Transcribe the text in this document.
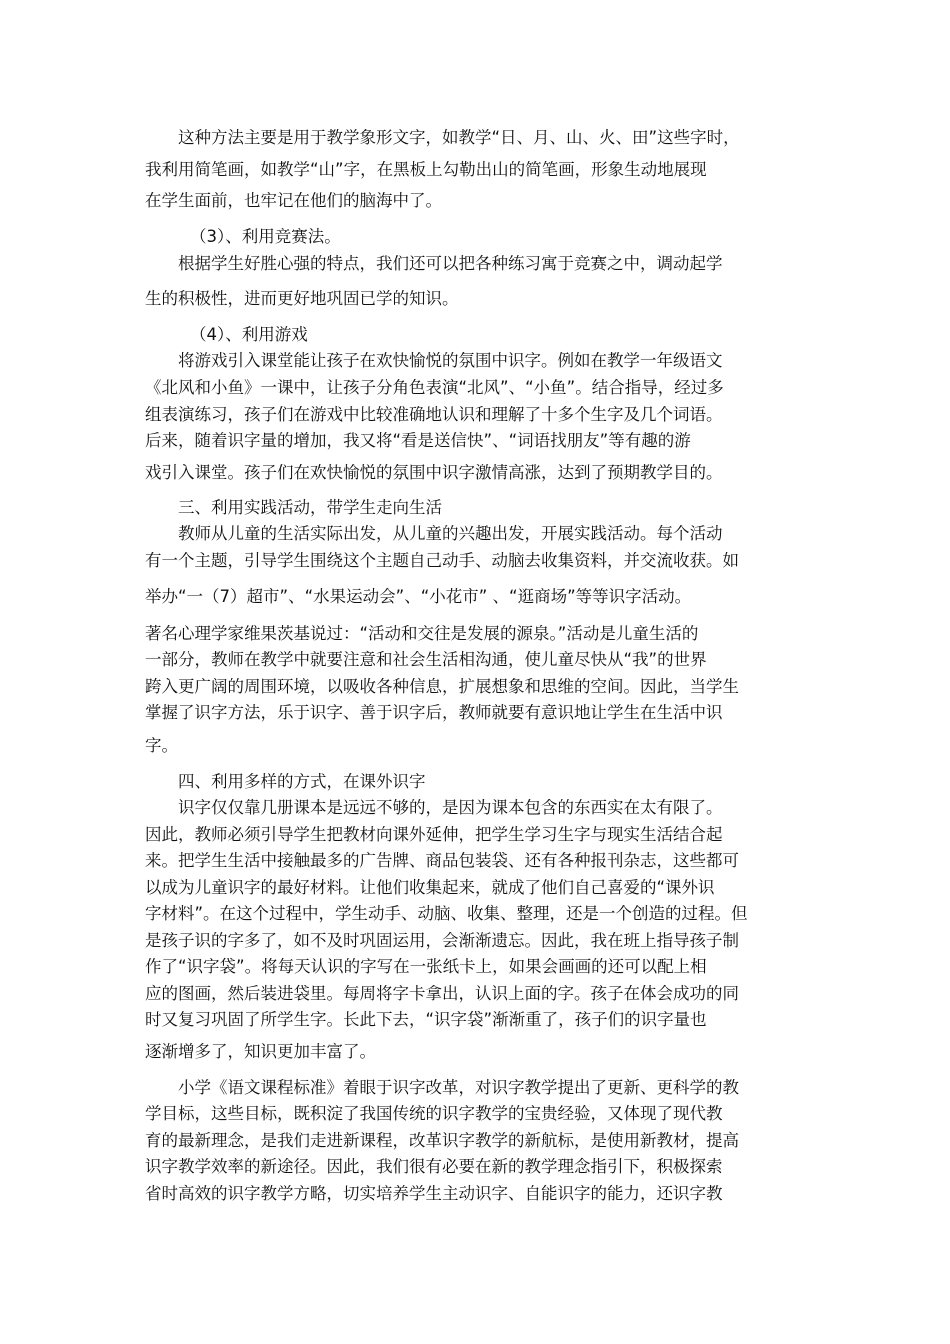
这种方法主要是用于教学象形文字，如教学“日、月、山、火、田”这些字时，
我利用简笔画，如教学“山”字，在黑板上勾勒出山的简笔画，形象生动地展现
在学生面前，也牢记在他们的脑海中了。
（3）、利用竞赛法。
根据学生好胜心强的特点，我们还可以把各种练习寓于竞赛之中，调动起学
生的积极性，进而更好地巩固已学的知识。
（4）、利用游戏
将游戏引入课堂能让孩子在欢快愉悦的氛围中识字。例如在教学一年级语文
《北风和小鱼》一课中，让孩子分角色表演“北风”、“小鱼”。结合指导，经过多
组表演练习，孩子们在游戏中比较准确地认识和理解了十多个生字及几个词语。
后来，随着识字量的增加，我又将“看是送信快”、“词语找朋友”等有趣的游
戏引入课堂。孩子们在欢快愉悦的氛围中识字激情高涨，达到了预期教学目的。
三、利用实践活动，带学生走向生活
教师从儿童的生活实际出发，从儿童的兴趣出发，开展实践活动。每个活动
有一个主题，引导学生围绕这个主题自己动手、动脑去收集资料，并交流收获。如
举办“一（7）超市”、“水果运动会”、“小花市” 、“逛商场”等等识字活动。
著名心理学家维果茨基说过：“活动和交往是发展的源泉。”活动是儿童生活的
一部分，教师在教学中就要注意和社会生活相沟通，使儿童尽快从“我”的世界
跨入更广阔的周围环境，以吸收各种信息，扩展想象和思维的空间。因此，当学生
掌握了识字方法，乐于识字、善于识字后，教师就要有意识地让学生在生活中识
字。
四、利用多样的方式，在课外识字
识字仅仅靠几册课本是远远不够的，是因为课本包含的东西实在太有限了。
因此，教师必须引导学生把教材向课外延伸，把学生学习生字与现实生活结合起
来。把学生生活中接触最多的广告牌、商品包装袋、还有各种报刊杂志，这些都可
以成为儿童识字的最好材料。让他们收集起来，就成了他们自己喜爱的“课外识
字材料”。在这个过程中，学生动手、动脑、收集、整理，还是一个创造的过程。但
是孩子识的字多了，如不及时巩固运用，会渐渐遗忘。因此，我在班上指导孩子制
作了“识字袋”。将每天认识的字写在一张纸卡上，如果会画画的还可以配上相
应的图画，然后装进袋里。每周将字卡拿出，认识上面的字。孩子在体会成功的同
时又复习巩固了所学生字。长此下去，“识字袋”渐渐重了，孩子们的识字量也
逐渐增多了，知识更加丰富了。
小学《语文课程标准》着眼于识字改革，对识字教学提出了更新、更科学的教
学目标，这些目标，既积淀了我国传统的识字教学的宝贵经验，又体现了现代教
育的最新理念，是我们走进新课程，改革识字教学的新航标，是使用新教材，提高
识字教学效率的新途径。因此，我们很有必要在新的教学理念指引下，积极探索
省时高效的识字教学方略，切实培养学生主动识字、自能识字的能力，还识字教
